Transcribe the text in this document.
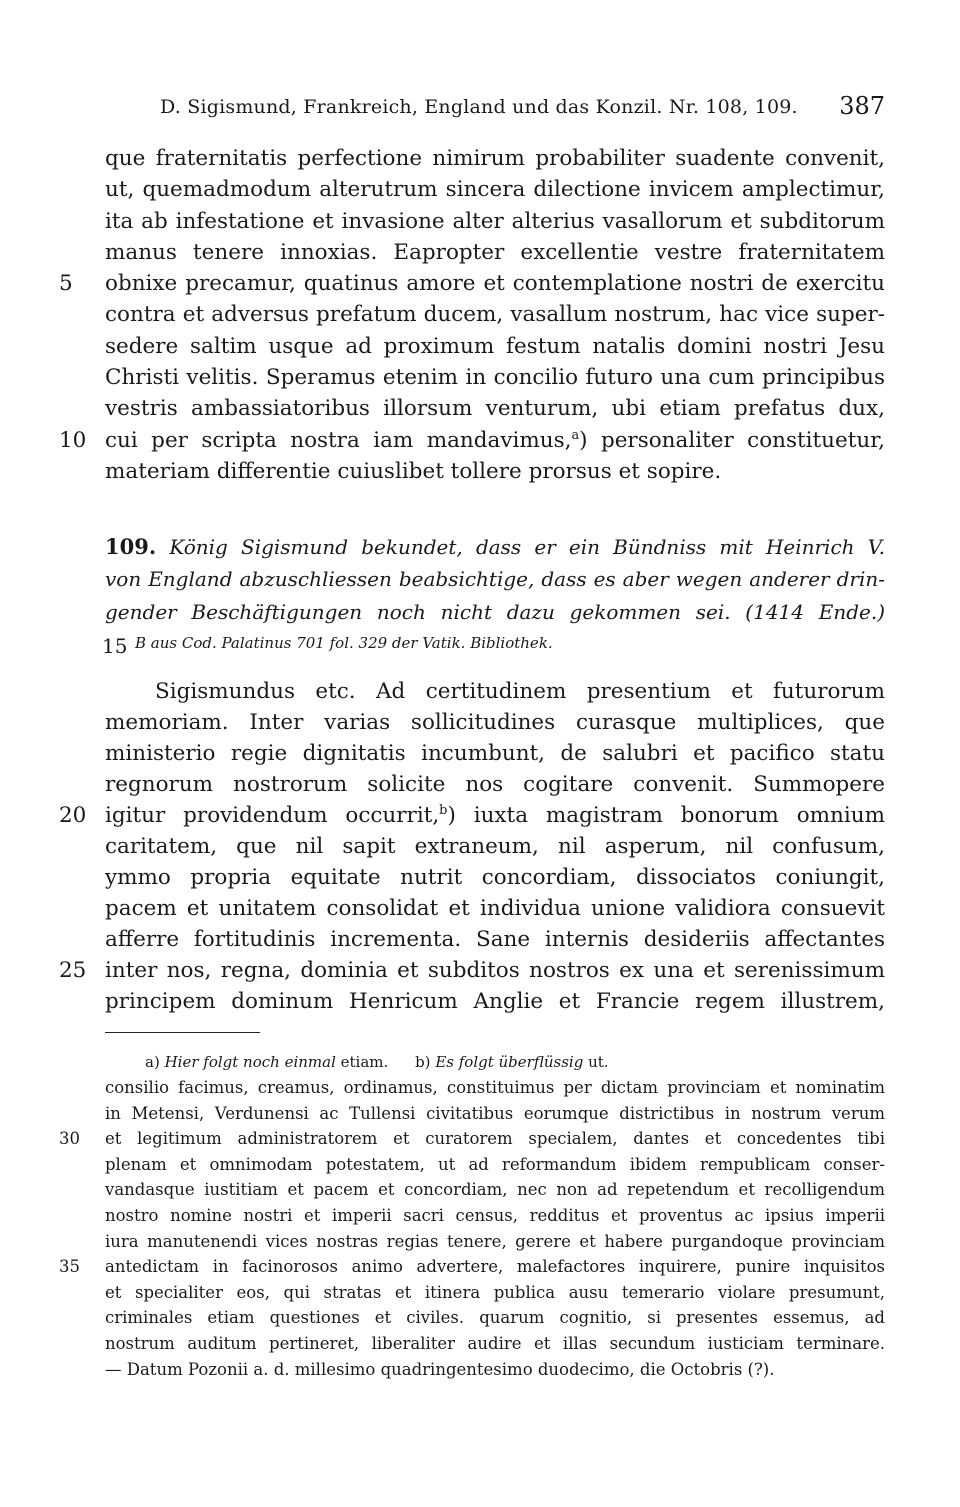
D. Sigismund, Frankreich, England und das Konzil. Nr. 108, 109. 387
que fraternitatis perfectione nimirum probabiliter suadente convenit,
ut, quemadmodum alterutrum sincera dilectione invicem amplectimur,
ita ab infestatione et invasione alter alterius vasallorum et subditorum
manus tenere innoxias. Eapropter excellentie vestre fraternitatem
5	obnixe precamur, quatinus amore et contemplatione nostri de exercitu
contra et adversus prefatum ducem, vasallum nostrum, hac vice super-
sedere saltim usque ad proximum festum natalis domini nostri Jesu
Christi velitis. Speramus etenim in concilio futuro una cum principibus
vestris ambassiatoribus illorsum venturum, ubi etiam prefatus dux,
10 cui per scripta nostra iam mandavimus,$^a$) personaliter constituetur,
materiam differentie cuiuslibet tollere prorsus et sopire.
109. König Sigismund bekundet, dass er ein Bündniss mit Heinrich V.
von England abzuschliessen beabsichtige, dass es aber wegen anderer drin-
gender Beschäftigungen noch nicht dazu gekommen sei. (1414 Ende.)
15 B aus Cod. Palatinus 701 fol. 329 der Vatik. Bibliothek.
Sigismundus etc. Ad certitudinem presentium et futurorum
memoriam. Inter varias sollicitudines curasque multiplices, que
ministerio regie dignitatis incumbunt, de salubri et pacifico statu
regnorum nostrorum solicite nos cogitare convenit. Summopere
20 igitur providendum occurrit,$^b$) iuxta magistram bonorum omnium
caritatem, que nil sapit extraneum, nil asperum, nil confusum,
ymmo propria equitate nutrit concordiam, dissociatos coniungit,
pacem et unitatem consolidat et individua unione validiora consuevit
afferre fortitudinis incrementa. Sane internis desideriis affectantes
25 inter nos, regna, dominia et subditos nostros ex una et serenissimum
principem dominum Henricum Anglie et Francie regem illustrem,
a) Hier folgt noch einmal etiam. b) Es folgt überflüssig ut.
consilio facimus, creamus, ordinamus, constituimus per dictam provinciam et nominatim
in Metensi, Verdunensi ac Tullensi civitatibus eorumque districtibus in nostrum verum
30	et legitimum administratorem et curatorem specialem, dantes et concedentes tibi
plenam et omnimodam potestatem, ut ad reformandum ibidem rempublicam conser-
vandasque iustitiam et pacem et concordiam, nec non ad repetendum et recolligendum
nostro nomine nostri et imperii sacri census, redditus et proventus ac ipsius imperii
iura manutenendi vices nostras regias tenere, gerere et habere purgandoque provinciam
35	antedictam in facinorosos animo advertere, malefactores inquirere, punire inquisitos
et specialiter eos, qui stratas et itinera publica ausu temerario violare presumunt,
criminales etiam questiones et civiles. quarum cognitio, si presentes essemus, ad
nostrum auditum pertineret, liberaliter audire et illas secundum iusticiam terminare.
— Datum Pozonii a. d. millesimo quadringentesimo duodecimo, die Octobris (?).
